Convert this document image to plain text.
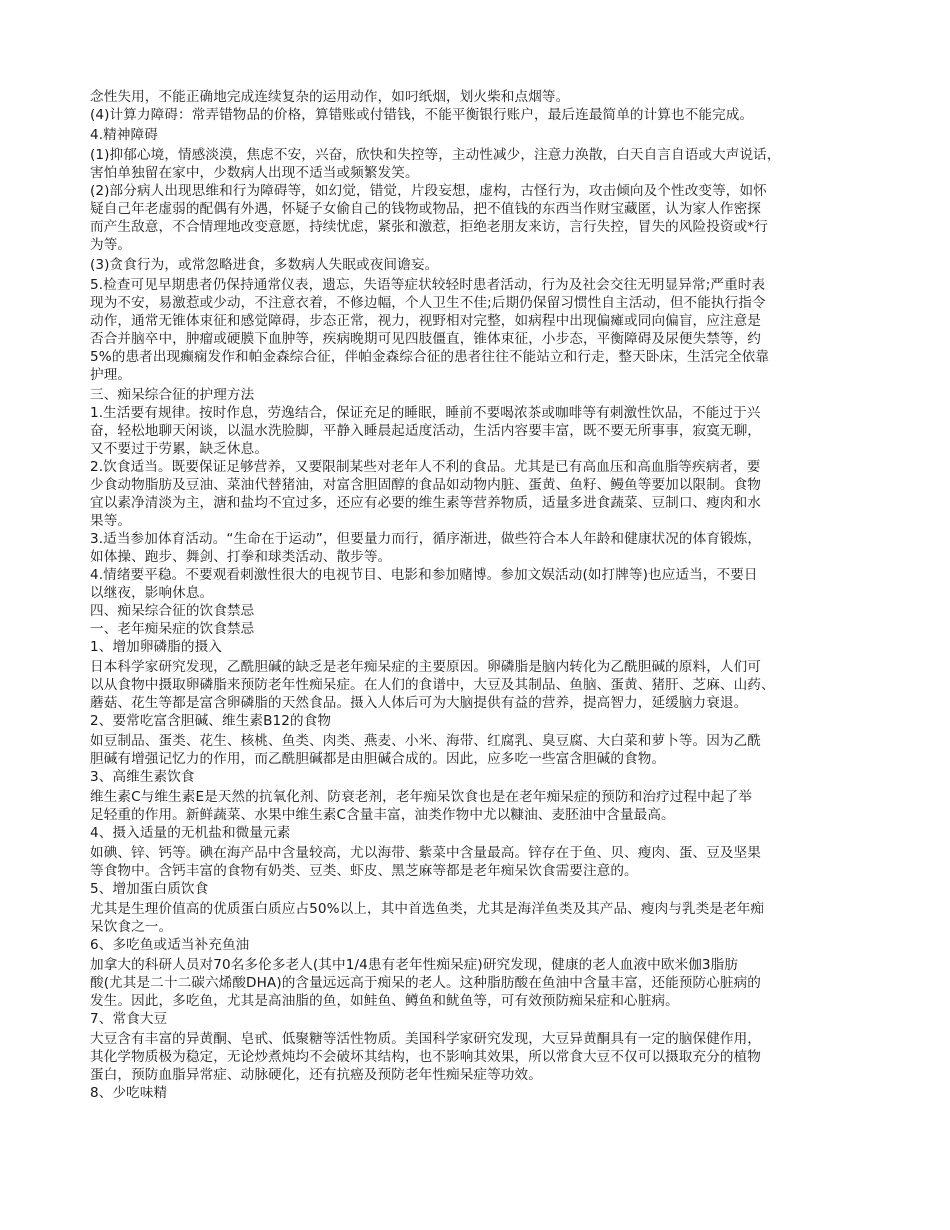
念性失用，不能正确地完成连续复杂的运用动作，如叼纸烟，划火柴和点烟等。
(4)计算力障碍：常弄错物品的价格，算错账或付错钱，不能平衡银行账户，最后连最简单的计算也不能完成。
4.精神障碍
(1)抑郁心境，情感淡漠，焦虑不安，兴奋，欣快和失控等，主动性减少，注意力涣散，白天自言自语或大声说话，
害怕单独留在家中，少数病人出现不适当或频繁发笑。
(2)部分病人出现思维和行为障碍等，如幻觉，错觉，片段妄想，虚构，古怪行为，攻击倾向及个性改变等，如怀
疑自己年老虚弱的配偶有外遇，怀疑子女偷自己的钱物或物品，把不值钱的东西当作财宝藏匿，认为家人作密探
而产生敌意，不合情理地改变意愿，持续忧虑，紧张和激惹，拒绝老朋友来访，言行失控，冒失的风险投资或*行
为等。
(3)贪食行为，或常忽略进食，多数病人失眠或夜间谵妄。
5.检查可见早期患者仍保持通常仪表，遗忘，失语等症状较轻时患者活动，行为及社会交往无明显异常;严重时表
现为不安，易激惹或少动，不注意衣着，不修边幅，个人卫生不佳;后期仍保留习惯性自主活动，但不能执行指令
动作，通常无锥体束征和感觉障碍，步态正常，视力，视野相对完整，如病程中出现偏瘫或同向偏盲，应注意是
否合并脑卒中，肿瘤或硬膜下血肿等，疾病晚期可见四肢僵直，锥体束征，小步态，平衡障碍及尿便失禁等，约
5%的患者出现癫痫发作和帕金森综合征，伴帕金森综合征的患者往往不能站立和行走，整天卧床，生活完全依靠
护理。
三、痴呆综合征的护理方法
1.生活要有规律。按时作息，劳逸结合，保证充足的睡眠，睡前不要喝浓茶或咖啡等有刺激性饮品，不能过于兴
奋，轻松地聊天闲谈，以温水洗脸脚，平静入睡晨起适度活动，生活内容要丰富，既不要无所事事，寂寞无聊，
又不要过于劳累，缺乏休息。
2.饮食适当。既要保证足够营养，又要限制某些对老年人不利的食品。尤其是已有高血压和高血脂等疾病者，要
少食动物脂肪及豆油、菜油代替猪油，对富含胆固醇的食品如动物内脏、蛋黄、鱼籽、鳗鱼等要加以限制。食物
宜以素净清淡为主，溏和盐均不宜过多，还应有必要的维生素等营养物质，适量多进食蔬菜、豆制口、瘦肉和水
果等。
3.适当参加体育活动。“生命在于运动”，但要量力而行，循序渐进，做些符合本人年龄和健康状况的体育锻炼，
如体操、跑步、舞剑、打拳和球类活动、散步等。
4.情绪要平稳。不要观看刺激性很大的电视节目、电影和参加赌博。参加文娱活动(如打牌等)也应适当，不要日
以继夜，影响休息。
四、痴呆综合征的饮食禁忌
一、老年痴呆症的饮食禁忌
1、增加卵磷脂的摄入
日本科学家研究发现，乙酰胆碱的缺乏是老年痴呆症的主要原因。卵磷脂是脑内转化为乙酰胆碱的原料，人们可
以从食物中摄取卵磷脂来预防老年性痴呆症。在人们的食谱中，大豆及其制品、鱼脑、蛋黄、猪肝、芝麻、山药、
蘑菇、花生等都是富含卵磷脂的天然食品。摄入人体后可为大脑提供有益的营养，提高智力，延缓脑力衰退。
2、要常吃富含胆碱、维生素B12的食物
如豆制品、蛋类、花生、核桃、鱼类、肉类、燕麦、小米、海带、红腐乳、臭豆腐、大白菜和萝卜等。因为乙酰
胆碱有增强记忆力的作用，而乙酰胆碱都是由胆碱合成的。因此，应多吃一些富含胆碱的食物。
3、高维生素饮食
维生素C与维生素E是天然的抗氧化剂、防衰老剂，老年痴呆饮食也是在老年痴呆症的预防和治疗过程中起了举
足轻重的作用。新鲜蔬菜、水果中维生素C含量丰富，油类作物中尤以糠油、麦胚油中含量最高。
4、摄入适量的无机盐和微量元素
如碘、锌、钙等。碘在海产品中含量较高，尤以海带、紫菜中含量最高。锌存在于鱼、贝、瘦肉、蛋、豆及坚果
等食物中。含钙丰富的食物有奶类、豆类、虾皮、黑芝麻等都是老年痴呆饮食需要注意的。
5、增加蛋白质饮食
尤其是生理价值高的优质蛋白质应占50%以上，其中首选鱼类，尤其是海洋鱼类及其产品、瘦肉与乳类是老年痴
呆饮食之一。
6、多吃鱼或适当补充鱼油
加拿大的科研人员对70名多伦多老人(其中1/4患有老年性痴呆症)研究发现，健康的老人血液中欧米伽3脂肪
酸(尤其是二十二碳六烯酸DHA)的含量远远高于痴呆的老人。这种脂肪酸在鱼油中含量丰富，还能预防心脏病的
发生。因此，多吃鱼，尤其是高油脂的鱼，如鲑鱼、鳟鱼和鱿鱼等，可有效预防痴呆症和心脏病。
7、常食大豆
大豆含有丰富的异黄酮、皂甙、低聚糖等活性物质。美国科学家研究发现，大豆异黄酮具有一定的脑保健作用，
其化学物质极为稳定，无论炒煮炖均不会破坏其结构，也不影响其效果，所以常食大豆不仅可以摄取充分的植物
蛋白，预防血脂异常症、动脉硬化，还有抗癌及预防老年性痴呆症等功效。
8、少吃味精
